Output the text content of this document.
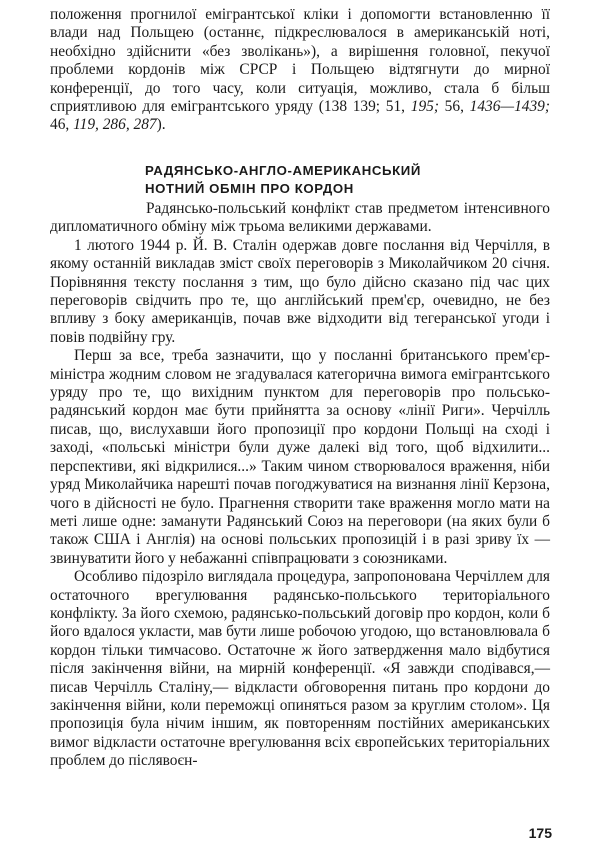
положення прогнилої емігрантської кліки і допомогти встановленню її влади над Польщею (останнє, підкреслювалося в американській ноті, необхідно здійснити «без зволікань»), а вирішення головної, пекучої проблеми кордонів між СРСР і Польщею відтягнути до мирної конференції, до того часу, коли ситуація, можливо, стала б більш сприятливою для емігрантського уряду (138 139; 51, 195; 56, 1436—1439; 46, 119, 286, 287).

РАДЯНСЬКО-АНГЛО-АМЕРИКАНСЬКИЙ
НОТНИЙ ОБМІН ПРО КОРДОН

Радянсько-польський конфлікт став предметом інтенсивного дипломатичного обміну між трьома великими державами.

1 лютого 1944 р. Й. В. Сталін одержав довге послання від Черчілля, в якому останній викладав зміст своїх переговорів з Миколайчиком 20 січня. Порівняння тексту послання з тим, що було дійсно сказано під час цих переговорів свідчить про те, що англійський прем'єр, очевидно, не без впливу з боку американців, почав вже відходити від тегеранської угоди і повів подвійну гру.

Перш за все, треба зазначити, що у посланні британського прем'єр-міністра жодним словом не згадувалася категорична вимога емігрантського уряду про те, що вихідним пунктом для переговорів про польсько-радянський кордон має бути прийнятта за основу «лінії Риги». Черчілль писав, що, вислухавши його пропозиції про кордони Польщі на сході і заході, «польські міністри були дуже далекі від того, щоб відхилити... перспективи, які відкрилися...» Таким чином створювалося враження, ніби уряд Миколайчика нарешті почав погоджуватися на визнання лінії Керзона, чого в дійсності не було. Прагнення створити таке враження могло мати на меті лише одне: заманути Радянський Союз на переговори (на яких були б також США і Англія) на основі польських пропозицій і в разі зриву їх — звинуватити його у небажанні співпрацювати з союзниками.

Особливо підозріло виглядала процедура, запропонована Черчіллем для остаточного врегулювання радянсько-польського територіального конфлікту. За його схемою, радянсько-польський договір про кордон, коли б його вдалося укласти, мав бути лише робочою угодою, що встановлювала б кордон тільки тимчасово. Остаточне ж його затвердження мало відбутися після закінчення війни, на мирній конференції. «Я завжди сподівався,— писав Черчілль Сталіну,— відкласти обговорення питань про кордони до закінчення війни, коли переможці опиняться разом за круглим столом». Ця пропозиція була нічим іншим, як повторенням постійних американських вимог відкласти остаточне врегулювання всіх європейських територіальних проблем до післявоєн-

175
